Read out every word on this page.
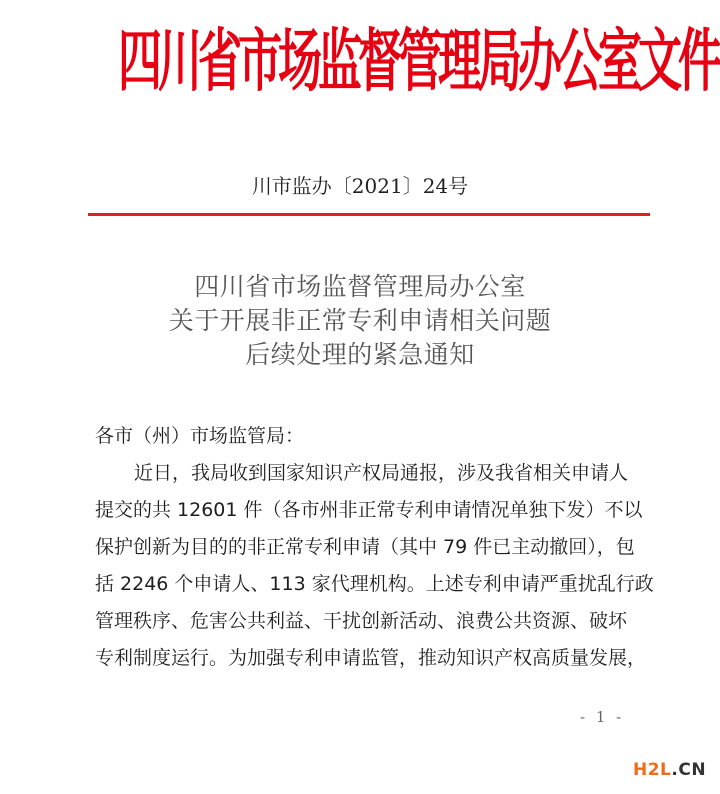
四川省市场监督管理局办公室文件
川市监办〔2021〕24号
四川省市场监督管理局办公室
关于开展非正常专利申请相关问题
后续处理的紧急通知
各市（州）市场监管局：
近日，我局收到国家知识产权局通报，涉及我省相关申请人
提交的共 12601 件（各市州非正常专利申请情况单独下发）不以
保护创新为目的的非正常专利申请（其中 79 件已主动撤回），包
括 2246 个申请人、113 家代理机构。上述专利申请严重扰乱行政
管理秩序、危害公共利益、干扰创新活动、浪费公共资源、破坏
专利制度运行。为加强专利申请监管，推动知识产权高质量发展，
- 1 -
H2L.CN
